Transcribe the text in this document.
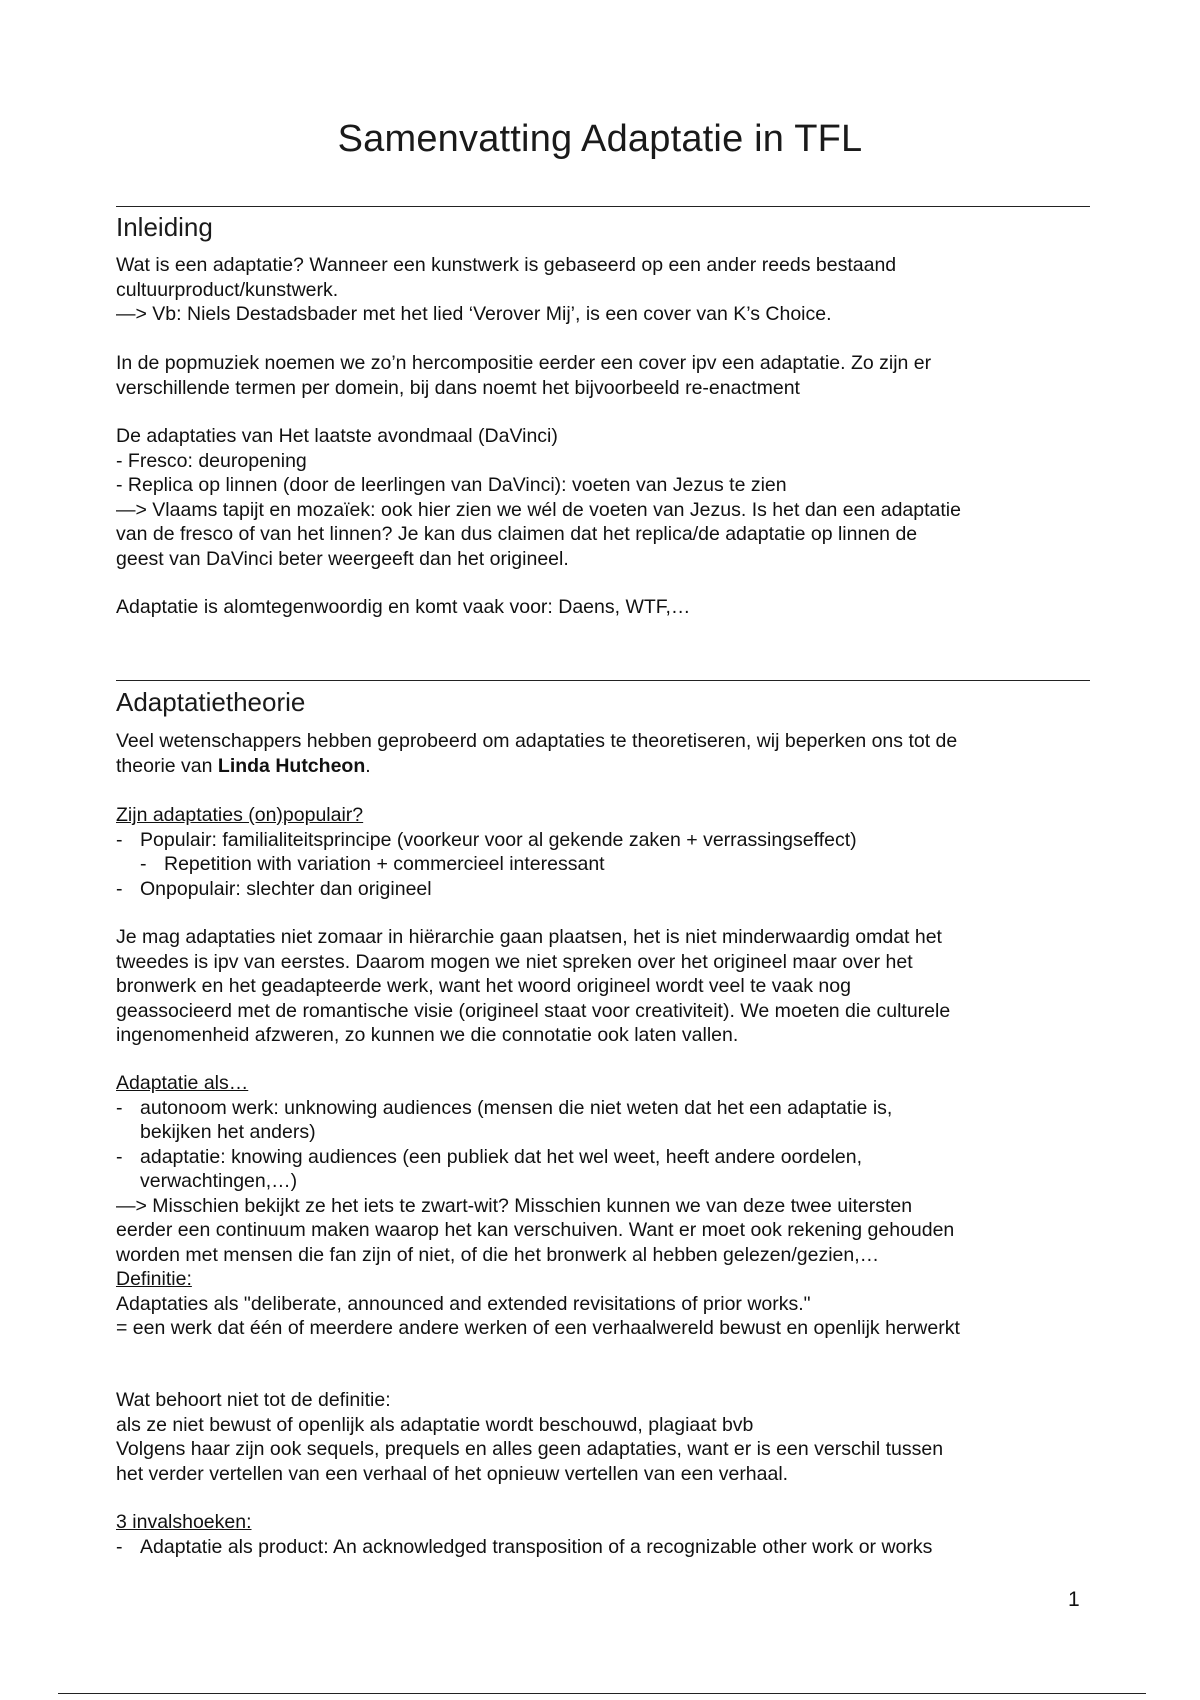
Samenvatting Adaptatie in TFL
Inleiding
Wat is een adaptatie? Wanneer een kunstwerk is gebaseerd op een ander reeds bestaand
cultuurproduct/kunstwerk.
—> Vb: Niels Destadsbader met het lied ‘Verover Mij’, is een cover van K’s Choice.
In de popmuziek noemen we zo’n hercompositie eerder een cover ipv een adaptatie. Zo zijn er
verschillende termen per domein, bij dans noemt het bijvoorbeeld re-enactment
De adaptaties van Het laatste avondmaal (DaVinci)
- Fresco: deuropening
- Replica op linnen (door de leerlingen van DaVinci): voeten van Jezus te zien
—> Vlaams tapijt en mozaïek: ook hier zien we wél de voeten van Jezus. Is het dan een adaptatie
van de fresco of van het linnen? Je kan dus claimen dat het replica/de adaptatie op linnen de
geest van DaVinci beter weergeeft dan het origineel.
Adaptatie is alomtegenwoordig en komt vaak voor: Daens, WTF,…
Adaptatietheorie
Veel wetenschappers hebben geprobeerd om adaptaties te theoretiseren, wij beperken ons tot de
theorie van Linda Hutcheon.
Zijn adaptaties (on)populair?
- Populair: familialiteitsprincipe (voorkeur voor al gekende zaken + verrassingseffect)
- Repetition with variation + commercieel interessant
- Onpopulair: slechter dan origineel
Je mag adaptaties niet zomaar in hiërarchie gaan plaatsen, het is niet minderwaardig omdat het
tweedes is ipv van eerstes. Daarom mogen we niet spreken over het origineel maar over het
bronwerk en het geadapteerde werk, want het woord origineel wordt veel te vaak nog
geassocieerd met de romantische visie (origineel staat voor creativiteit). We moeten die culturele
ingenomenheid afzweren, zo kunnen we die connotatie ook laten vallen.
Adaptatie als…
- autonoom werk: unknowing audiences (mensen die niet weten dat het een adaptatie is,
bekijken het anders)
- adaptatie: knowing audiences (een publiek dat het wel weet, heeft andere oordelen,
verwachtingen,…)
—> Misschien bekijkt ze het iets te zwart-wit? Misschien kunnen we van deze twee uitersten
eerder een continuum maken waarop het kan verschuiven. Want er moet ook rekening gehouden
worden met mensen die fan zijn of niet, of die het bronwerk al hebben gelezen/gezien,…
Definitie:
Adaptaties als "deliberate, announced and extended revisitations of prior works."
= een werk dat één of meerdere andere werken of een verhaalwereld bewust en openlijk herwerkt
Wat behoort niet tot de definitie:
als ze niet bewust of openlijk als adaptatie wordt beschouwd, plagiaat bvb
Volgens haar zijn ook sequels, prequels en alles geen adaptaties, want er is een verschil tussen
het verder vertellen van een verhaal of het opnieuw vertellen van een verhaal.
3 invalshoeken:
- Adaptatie als product: An acknowledged transposition of a recognizable other work or works
1
